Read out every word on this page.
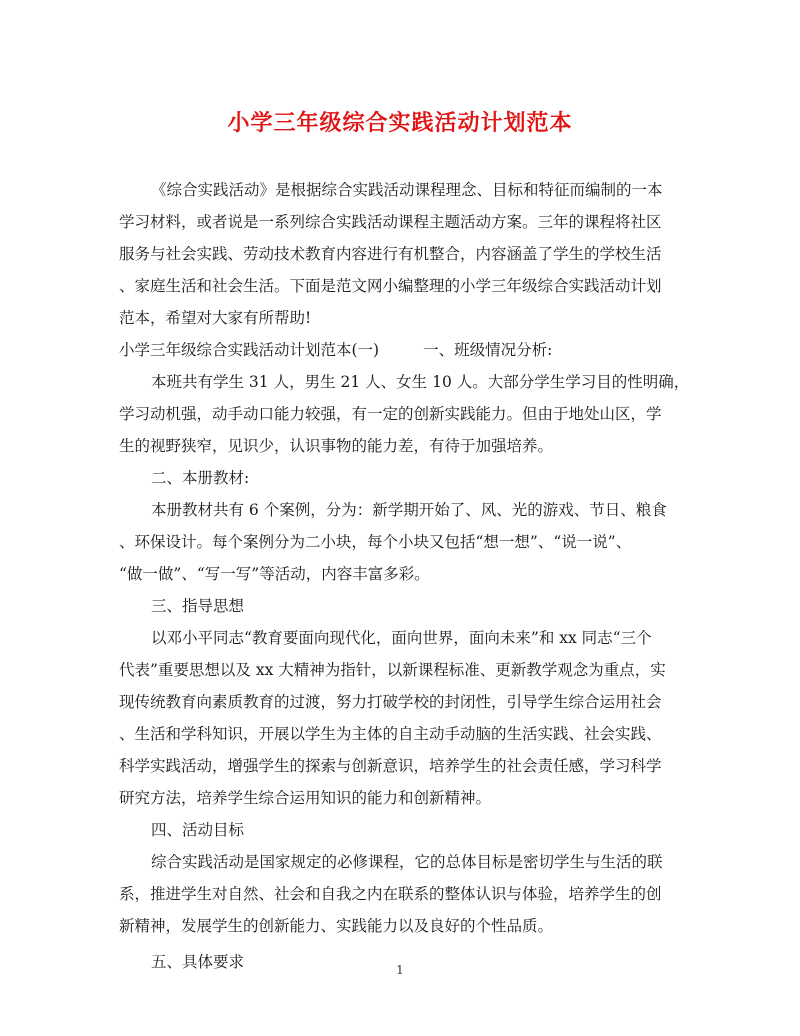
小学三年级综合实践活动计划范本

《综合实践活动》是根据综合实践活动课程理念、目标和特征而编制的一本

学习材料，或者说是一系列综合实践活动课程主题活动方案。三年的课程将社区

服务与社会实践、劳动技术教育内容进行有机整合，内容涵盖了学生的学校生活

、家庭生活和社会生活。下面是范文网小编整理的小学三年级综合实践活动计划

范本，希望对大家有所帮助!

小学三年级综合实践活动计划范本(一)	一、班级情况分析:

本班共有学生 31 人，男生 21 人、女生 10 人。大部分学生学习目的性明确，

学习动机强，动手动口能力较强，有一定的创新实践能力。但由于地处山区，学

生的视野狭窄，见识少，认识事物的能力差，有待于加强培养。

二、本册教材:

本册教材共有 6 个案例，分为：新学期开始了、风、光的游戏、节日、粮食

、环保设计。每个案例分为二小块，每个小块又包括“想一想”、“说一说”、

“做一做”、“写一写”等活动，内容丰富多彩。

三、指导思想

以邓小平同志“教育要面向现代化，面向世界，面向未来”和 xx 同志“三个

代表”重要思想以及 xx 大精神为指针，以新课程标准、更新教学观念为重点，实

现传统教育向素质教育的过渡，努力打破学校的封闭性，引导学生综合运用社会

、生活和学科知识，开展以学生为主体的自主动手动脑的生活实践、社会实践、

科学实践活动，增强学生的探索与创新意识，培养学生的社会责任感，学习科学

研究方法，培养学生综合运用知识的能力和创新精神。

四、活动目标

综合实践活动是国家规定的必修课程，它的总体目标是密切学生与生活的联

系，推进学生对自然、社会和自我之内在联系的整体认识与体验，培养学生的创

新精神，发展学生的创新能力、实践能力以及良好的个性品质。

五、具体要求	1
